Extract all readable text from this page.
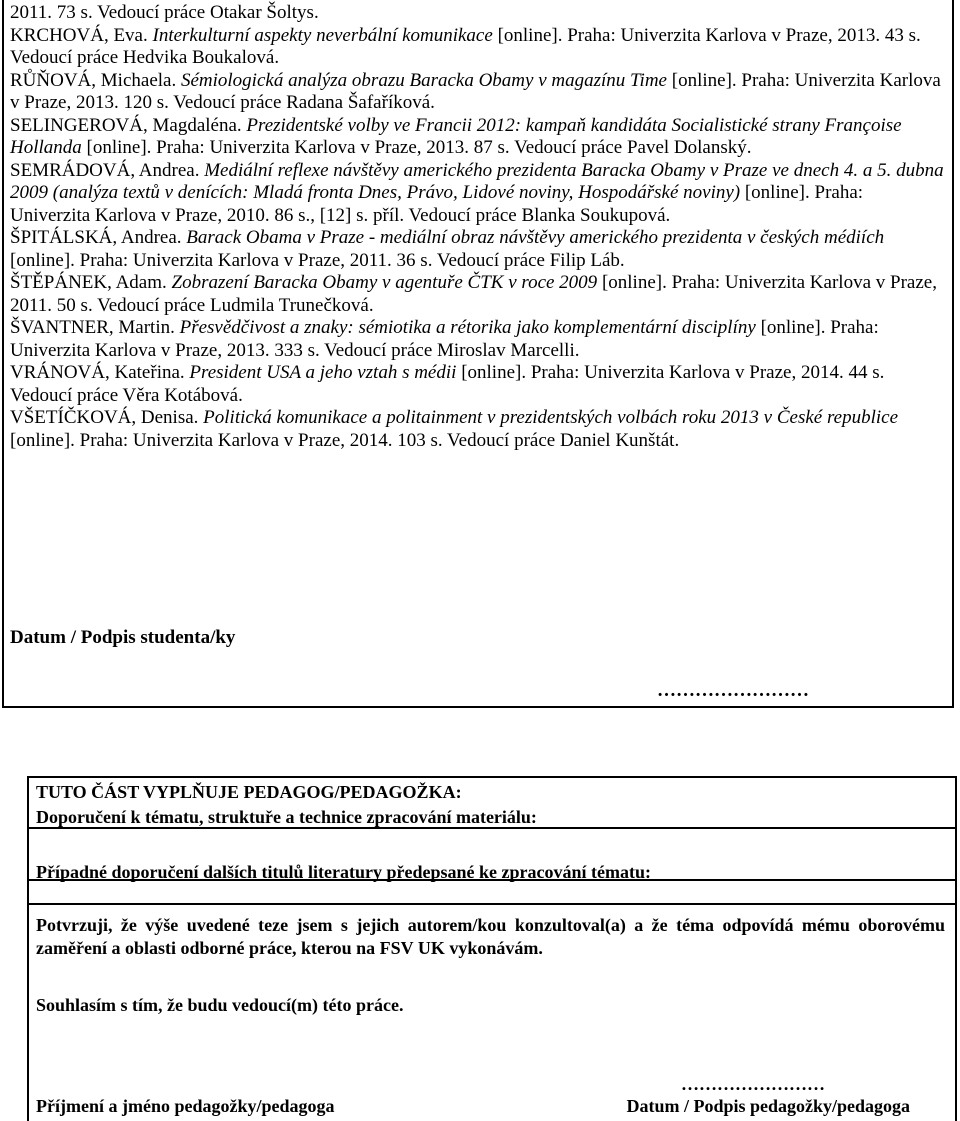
2011. 73 s. Vedoucí práce Otakar Šoltys.

KRCHOVÁ, Eva. Interkulturní aspekty neverbální komunikace [online]. Praha: Univerzita Karlova v Praze, 2013. 43 s. Vedoucí práce Hedvika Boukalová.

RŮŇOVÁ, Michaela. Sémiologická analýza obrazu Baracka Obamy v magazínu Time [online]. Praha: Univerzita Karlova v Praze, 2013. 120 s. Vedoucí práce Radana Šafaříková.

SELINGEROVÁ, Magdaléna. Prezidentské volby ve Francii 2012: kampaň kandidáta Socialistické strany Françoise Hollanda [online]. Praha: Univerzita Karlova v Praze, 2013. 87 s. Vedoucí práce Pavel Dolanský.

SEMRÁDOVÁ, Andrea. Mediální reflexe návštěvy amerického prezidenta Baracka Obamy v Praze ve dnech 4. a 5. dubna 2009 (analýza textů v denících: Mladá fronta Dnes, Právo, Lidové noviny, Hospodářské noviny) [online]. Praha: Univerzita Karlova v Praze, 2010. 86 s., [12] s. příl. Vedoucí práce Blanka Soukupová.

ŠPITÁLSKÁ, Andrea. Barack Obama v Praze - mediální obraz návštěvy amerického prezidenta v českých médiích [online]. Praha: Univerzita Karlova v Praze, 2011. 36 s. Vedoucí práce Filip Láb.

ŠTĚPÁNEK, Adam. Zobrazení Baracka Obamy v agentuře ČTK v roce 2009 [online]. Praha: Univerzita Karlova v Praze, 2011. 50 s. Vedoucí práce Ludmila Trunečková.

ŠVANTNER, Martin. Přesvědčivost a znaky: sémiotika a rétorika jako komplementární disciplíny [online]. Praha: Univerzita Karlova v Praze, 2013. 333 s. Vedoucí práce Miroslav Marcelli.

VRÁNOVÁ, Kateřina. President USA a jeho vztah s médii [online]. Praha: Univerzita Karlova v Praze, 2014. 44 s. Vedoucí práce Věra Kotábová.

VŠETÍČKOVÁ, Denisa. Politická komunikace a politainment v prezidentských volbách roku 2013 v České republice [online]. Praha: Univerzita Karlova v Praze, 2014. 103 s. Vedoucí práce Daniel Kunštát.

Datum / Podpis studenta/ky
……………………
TUTO ČÁST VYPLŇUJE PEDAGOG/PEDAGOŽKA:
Doporučení k tématu, struktuře a technice zpracování materiálu:
Případné doporučení dalších titulů literatury předepsané ke zpracování tématu:
Potvrzuji, že výše uvedené teze jsem s jejich autorem/kou konzultoval(a) a že téma odpovídá mému oborovému zaměření a oblasti odborné práce, kterou na FSV UK vykonávám.
Souhlasím s tím, že budu vedoucí(m) této práce.
……………………
Příjmení a jméno pedagožky/pedagoga	Datum / Podpis pedagožky/pedagoga
